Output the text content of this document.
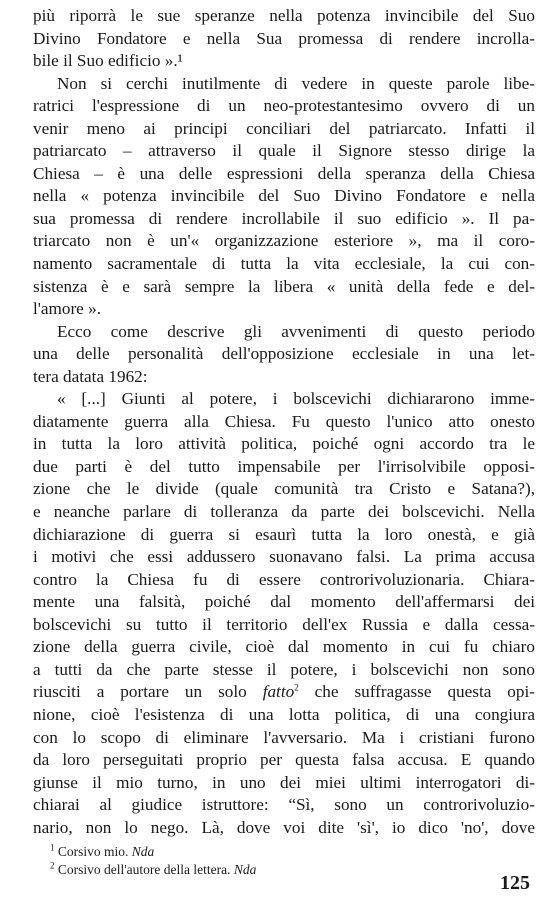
più riporrà le sue speranze nella potenza invincibile del Suo
Divino Fondatore e nella Sua promessa di rendere incrolla-
bile il Suo edificio ».¹
Non si cerchi inutilmente di vedere in queste parole libe-
ratrici l'espressione di un neo-protestantesimo ovvero di un
venir meno ai principi conciliari del patriarcato. Infatti il
patriarcato – attraverso il quale il Signore stesso dirige la
Chiesa – è una delle espressioni della speranza della Chiesa
nella « potenza invincibile del Suo Divino Fondatore e nella
sua promessa di rendere incrollabile il suo edificio ». Il pa-
triarcato non è un'« organizzazione esteriore », ma il coro-
namento sacramentale di tutta la vita ecclesiale, la cui con-
sistenza è e sarà sempre la libera « unità della fede e del-
l'amore ».
Ecco come descrive gli avvenimenti di questo periodo
una delle personalità dell'opposizione ecclesiale in una let-
tera datata 1962:
« [...] Giunti al potere, i bolscevichi dichiararono imme-
diatamente guerra alla Chiesa. Fu questo l'unico atto onesto
in tutta la loro attività politica, poiché ogni accordo tra le
due parti è del tutto impensabile per l'irrisolvibile opposi-
zione che le divide (quale comunità tra Cristo e Satana?),
e neanche parlare di tolleranza da parte dei bolscevichi. Nella
dichiarazione di guerra si esaurì tutta la loro onestà, e già
i motivi che essi addussero suonavano falsi. La prima accusa
contro la Chiesa fu di essere controrivoluzionaria. Chiara-
mente una falsità, poiché dal momento dell'affermarsi dei
bolscevichi su tutto il territorio dell'ex Russia e dalla cessa-
zione della guerra civile, cioè dal momento in cui fu chiaro
a tutti da che parte stesse il potere, i bolscevichi non sono
riusciti a portare un solo fatto$^2$ che suffragasse questa opi-
nione, cioè l'esistenza di una lotta politica, di una congiura
con lo scopo di eliminare l'avversario. Ma i cristiani furono
da loro perseguitati proprio per questa falsa accusa. E quando
giunse il mio turno, in uno dei miei ultimi interrogatori di-
chiarai al giudice istruttore: “Sì, sono un controrivoluzio-
nario, non lo nego. Là, dove voi dite 'sì', io dico 'no', dove
$^1$ Corsivo mio. Nda
$^2$ Corsivo dell'autore della lettera. Nda
125
